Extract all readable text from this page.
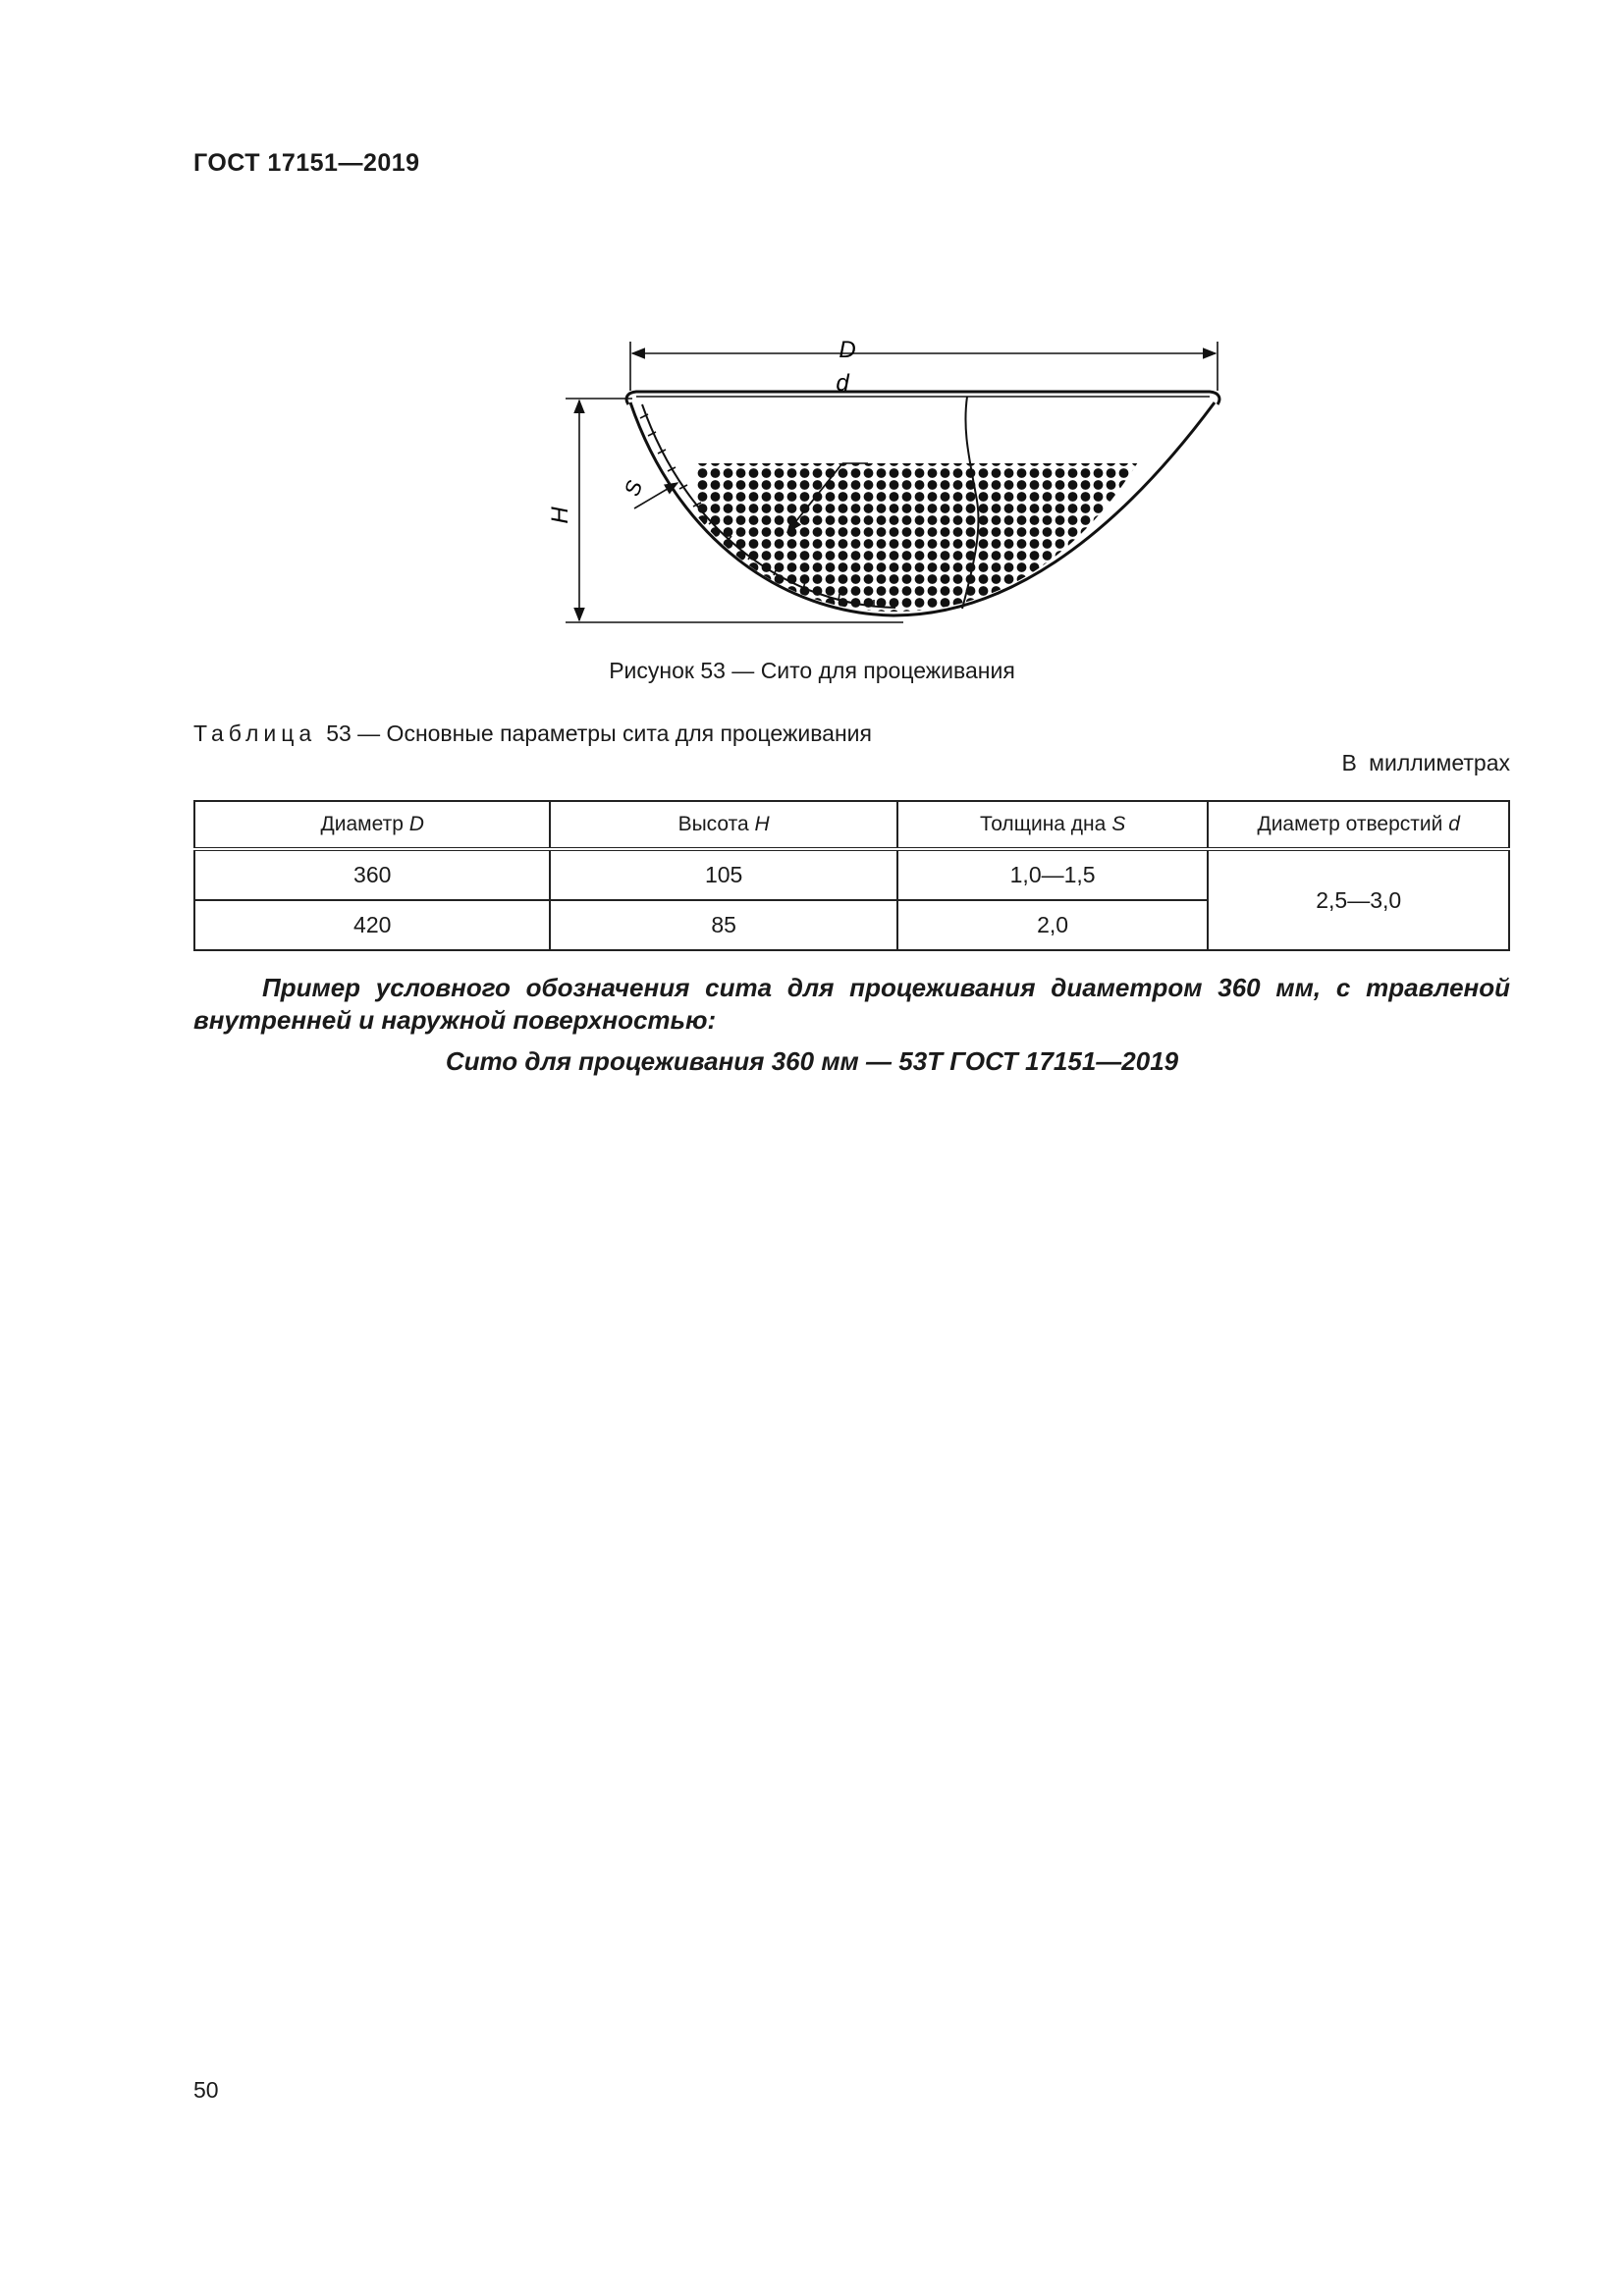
ГОСТ 17151—2019
D
d
H
S
Рисунок 53 — Сито для процеживания
Таблица 53 — Основные параметры сита для процеживания
В миллиметрах
Диаметр D	Высота H	Толщина дна S	Диаметр отверстий d
360	105	1,0—1,5	2,5—3,0
420	85	2,0	
Пример условного обозначения сита для процеживания диаметром 360 мм, с травленой внутренней и наружной поверхностью:
Сито для процеживания 360 мм — 53Т ГОСТ 17151—2019
50
